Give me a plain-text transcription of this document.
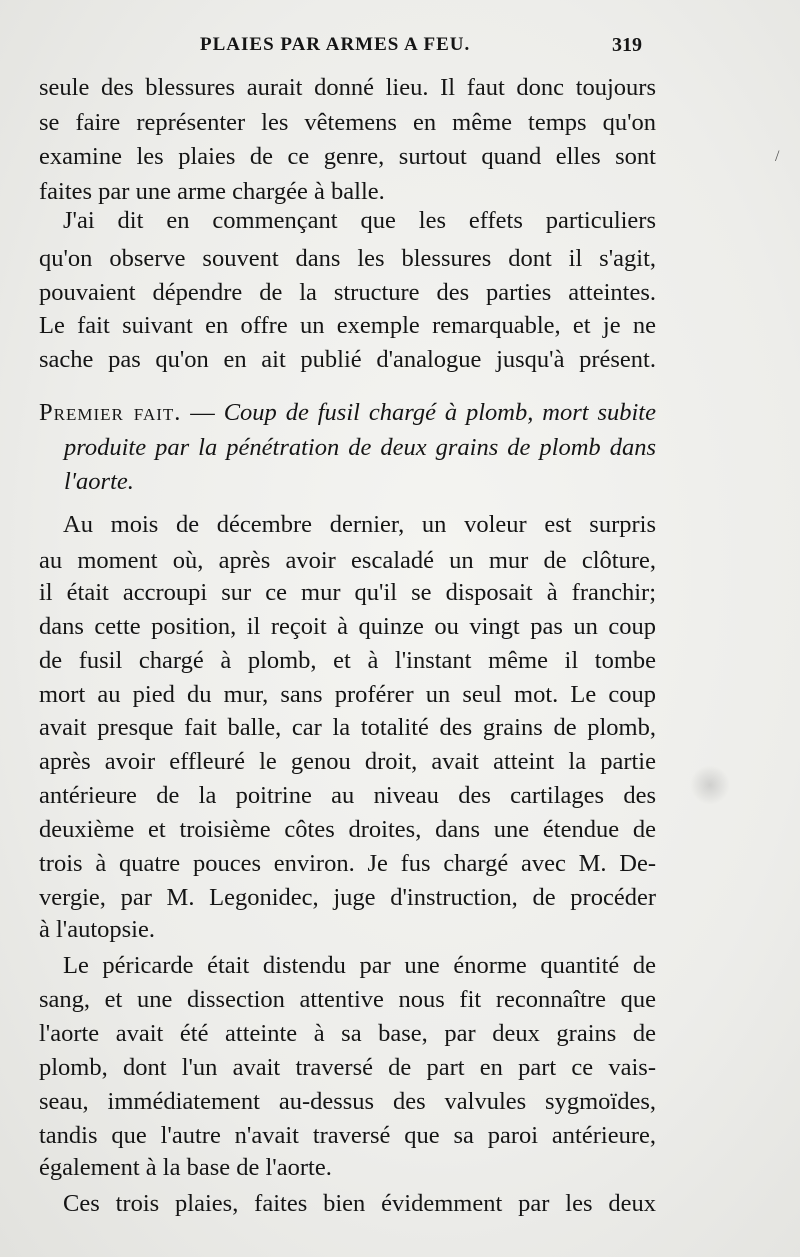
PLAIES PAR ARMES A FEU.	319
/
seule des blessures aurait donné lieu. Il faut donc toujours
se faire représenter les vêtemens en même temps qu'on
examine les plaies de ce genre, surtout quand elles sont
faites par une arme chargée à balle.
J'ai dit en commençant que les effets particuliers
qu'on observe souvent dans les blessures dont il s'agit,
pouvaient dépendre de la structure des parties atteintes.
Le fait suivant en offre un exemple remarquable, et je ne
sache pas qu'on en ait publié d'analogue jusqu'à présent.
Premier fait. — Coup de fusil chargé à plomb, mort subite
produite par la pénétration de deux grains de plomb dans
l'aorte.
Au mois de décembre dernier, un voleur est surpris
au moment où, après avoir escaladé un mur de clôture,
il était accroupi sur ce mur qu'il se disposait à franchir;
dans cette position, il reçoit à quinze ou vingt pas un coup
de fusil chargé à plomb, et à l'instant même il tombe
mort au pied du mur, sans proférer un seul mot. Le coup
avait presque fait balle, car la totalité des grains de plomb,
après avoir effleuré le genou droit, avait atteint la partie
antérieure de la poitrine au niveau des cartilages des
deuxième et troisième côtes droites, dans une étendue de
trois à quatre pouces environ. Je fus chargé avec M. De-
vergie, par M. Legonidec, juge d'instruction, de procéder
à l'autopsie.
Le péricarde était distendu par une énorme quantité de
sang, et une dissection attentive nous fit reconnaître que
l'aorte avait été atteinte à sa base, par deux grains de
plomb, dont l'un avait traversé de part en part ce vais-
seau, immédiatement au-dessus des valvules sygmoïdes,
tandis que l'autre n'avait traversé que sa paroi antérieure,
également à la base de l'aorte.
Ces trois plaies, faites bien évidemment par les deux
